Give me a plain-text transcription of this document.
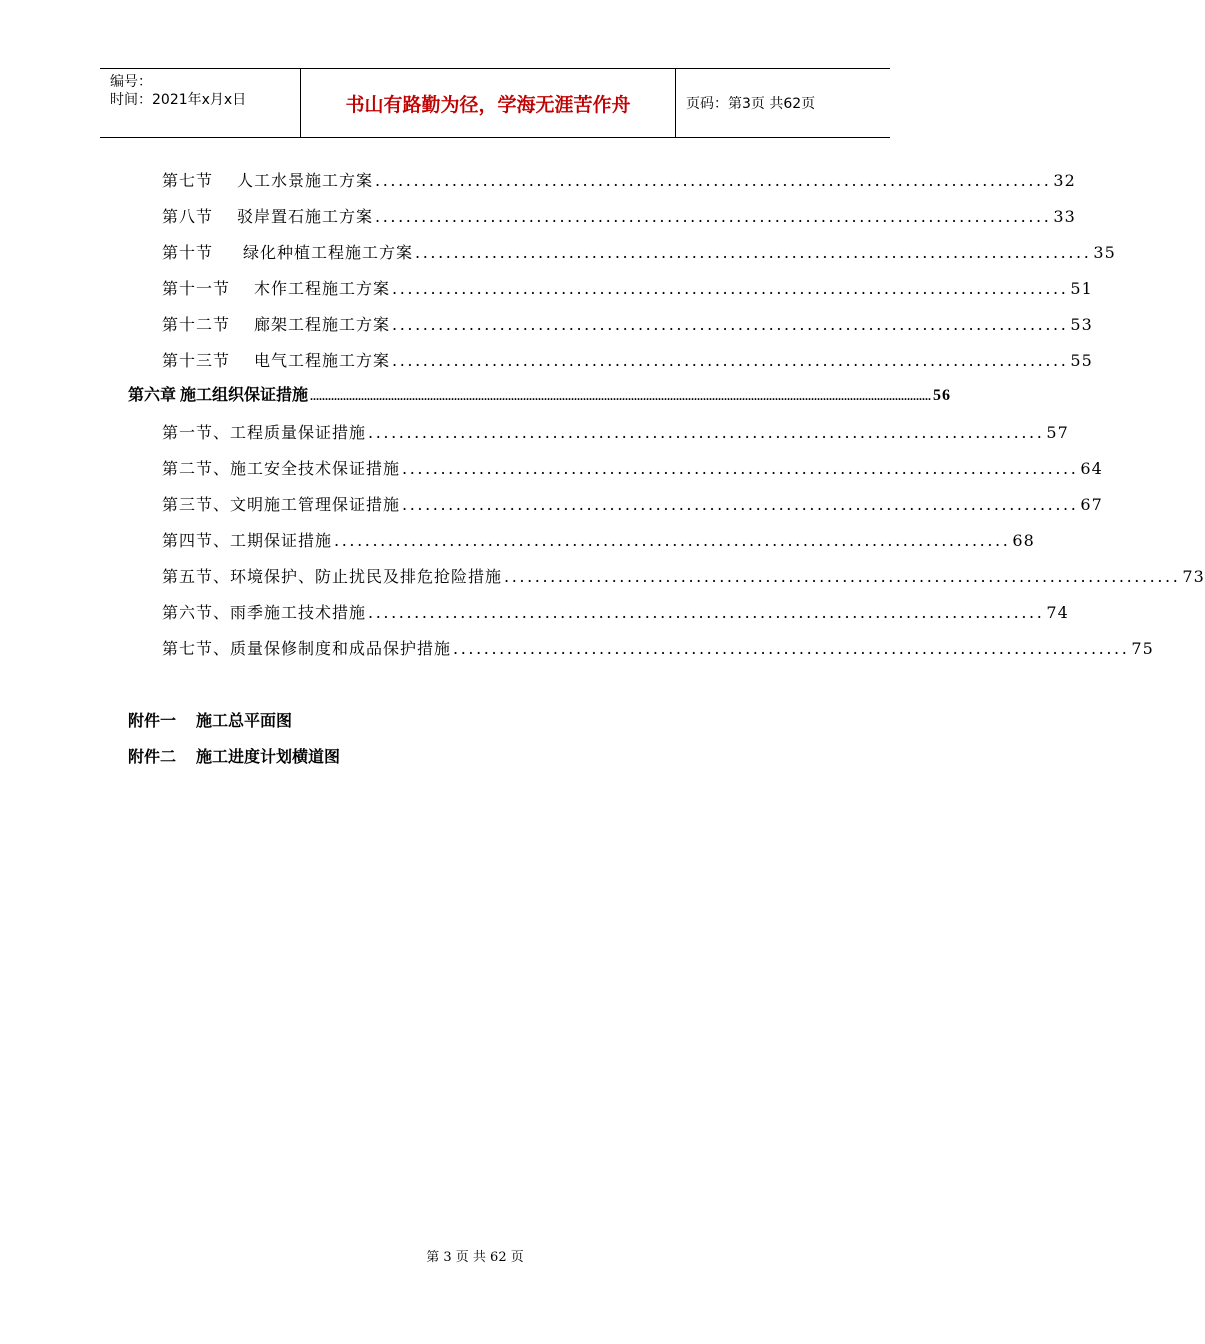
编号：
时间：2021年x月x日	书山有路勤为径，学海无涯苦作舟	页码：第3页 共62页
第七节 人工水景施工方案 ........................................................................................ 32
第八节 驳岸置石施工方案 ........................................................................................ 33
第十节 绿化种植工程施工方案 ........................................................................................ 35
第十一节 木作工程施工方案 ........................................................................................ 51
第十二节 廊架工程施工方案 ........................................................................................ 53
第十三节 电气工程施工方案 ........................................................................................ 55
第六章 施工组织保证措施 ............................................................................................................................................................................................................... 56
第一节、工程质量保证措施 ........................................................................................ 57
第二节、施工安全技术保证措施 ........................................................................................ 64
第三节、文明施工管理保证措施 ........................................................................................ 67
第四节、工期保证措施 ........................................................................................ 68
第五节、环境保护、防止扰民及排危抢险措施 ........................................................................................ 73
第六节、雨季施工技术措施 ........................................................................................ 74
第七节、质量保修制度和成品保护措施 ........................................................................................ 75
附件一 施工总平面图
附件二 施工进度计划横道图
第 3 页 共 62 页
